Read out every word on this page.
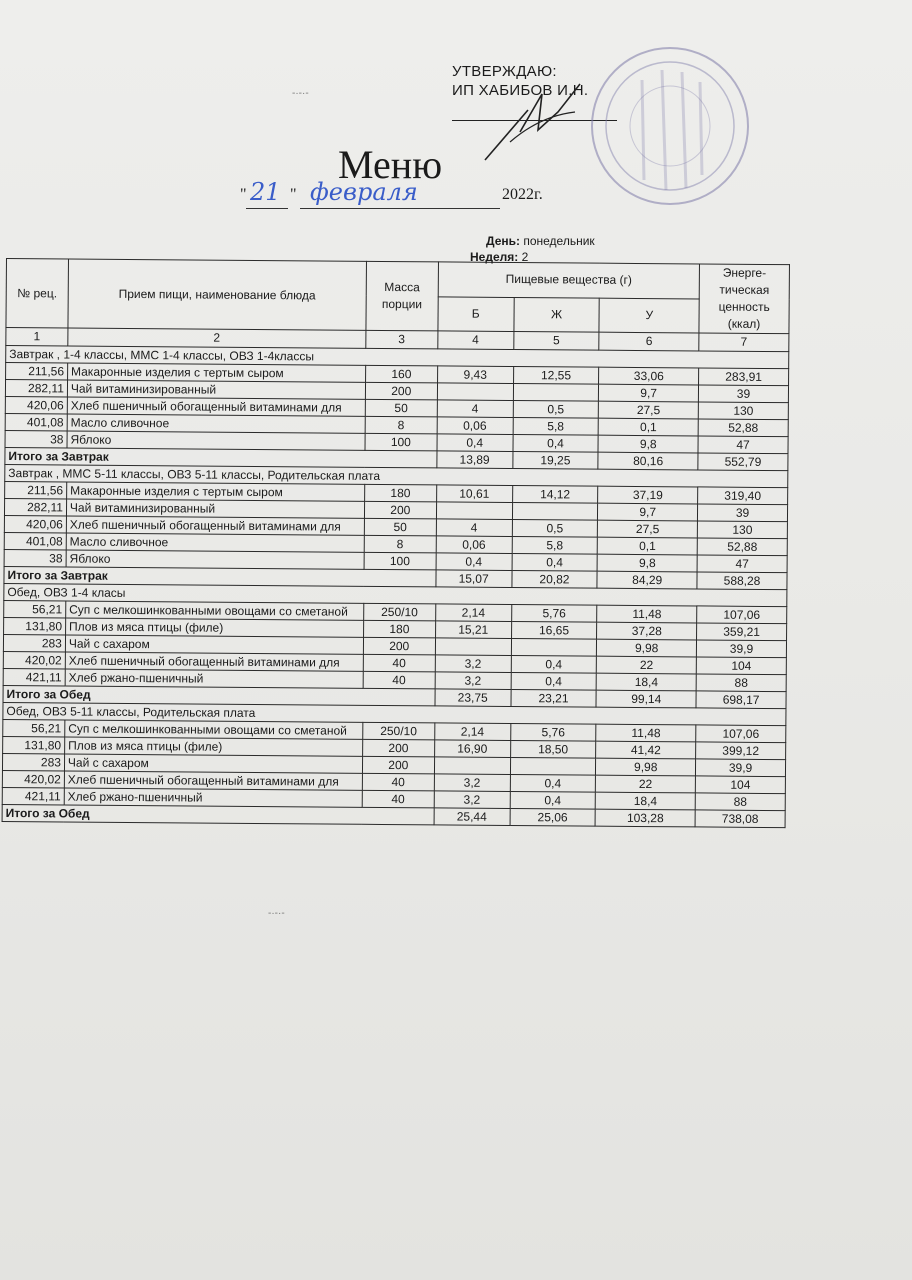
УТВЕРЖДАЮ:
ИП ХАБИБОВ И.Н.
Меню
" 21 " февраля	2022г.
День: понедельник
Неделя: 2
№ рец.	Прием пищи, наименование блюда	Масса порции	Пищевые вещества (г)			Энерге-тическая ценность (ккал)
			Б	Ж	У	
1	2	3	4	5	6	7
Завтрак , 1-4 классы, ММС 1-4 классы, ОВЗ 1-4классы						
211,56	Макаронные изделия с тертым сыром	160	9,43	12,55	33,06	283,91
282,11	Чай витаминизированный	200			9,7	39
420,06	Хлеб пшеничный обогащенный витаминами для	50	4	0,5	27,5	130
401,08	Масло сливочное	8	0,06	5,8	0,1	52,88
38	Яблоко	100	0,4	0,4	9,8	47
Итого за Завтрак			13,89	19,25	80,16	552,79
Завтрак , ММС 5-11 классы, ОВЗ 5-11 классы, Родительская плата						
211,56	Макаронные изделия с тертым сыром	180	10,61	14,12	37,19	319,40
282,11	Чай витаминизированный	200			9,7	39
420,06	Хлеб пшеничный обогащенный витаминами для	50	4	0,5	27,5	130
401,08	Масло сливочное	8	0,06	5,8	0,1	52,88
38	Яблоко	100	0,4	0,4	9,8	47
Итого за Завтрак			15,07	20,82	84,29	588,28
Обед, ОВЗ 1-4 класы						
56,21	Суп с мелкошинкованными овощами со сметаной	250/10	2,14	5,76	11,48	107,06
131,80	Плов из мяса птицы (филе)	180	15,21	16,65	37,28	359,21
283	Чай с сахаром	200			9,98	39,9
420,02	Хлеб пшеничный обогащенный витаминами для	40	3,2	0,4	22	104
421,11	Хлеб ржано-пшеничный	40	3,2	0,4	18,4	88
Итого за Обед			23,75	23,21	99,14	698,17
Обед, ОВЗ 5-11 классы, Родительская плата						
56,21	Суп с мелкошинкованными овощами со сметаной	250/10	2,14	5,76	11,48	107,06
131,80	Плов из мяса птицы (филе)	200	16,90	18,50	41,42	399,12
283	Чай с сахаром	200			9,98	39,9
420,02	Хлеб пшеничный обогащенный витаминами для	40	3,2	0,4	22	104
421,11	Хлеб ржано-пшеничный	40	3,2	0,4	18,4	88
Итого за Обед			25,44	25,06	103,28	738,08
-·-·-
-·-·-
